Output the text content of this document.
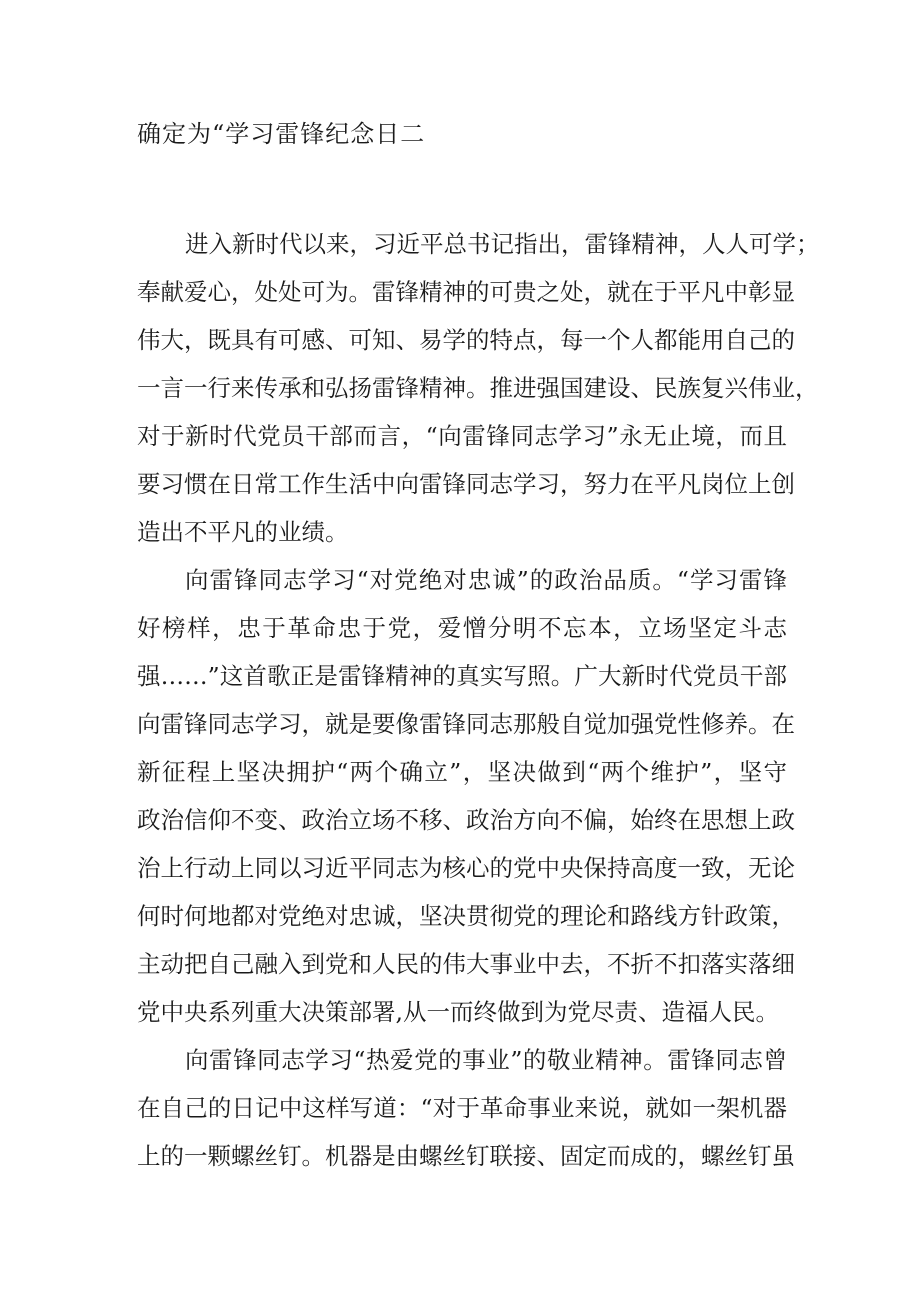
确定为“学习雷锋纪念日二
进入新时代以来，习近平总书记指出，雷锋精神，人人可学；
奉献爱心，处处可为。雷锋精神的可贵之处，就在于平凡中彰显
伟大，既具有可感、可知、易学的特点，每一个人都能用自己的
一言一行来传承和弘扬雷锋精神。推进强国建设、民族复兴伟业，
对于新时代党员干部而言，“向雷锋同志学习”永无止境，而且
要习惯在日常工作生活中向雷锋同志学习，努力在平凡岗位上创
造出不平凡的业绩。
向雷锋同志学习“对党绝对忠诚”的政治品质。“学习雷锋
好榜样，忠于革命忠于党，爱憎分明不忘本，立场坚定斗志
强……”这首歌正是雷锋精神的真实写照。广大新时代党员干部
向雷锋同志学习，就是要像雷锋同志那般自觉加强党性修养。在
新征程上坚决拥护“两个确立”，坚决做到“两个维护”，坚守
政治信仰不变、政治立场不移、政治方向不偏，始终在思想上政
治上行动上同以习近平同志为核心的党中央保持高度一致，无论
何时何地都对党绝对忠诚，坚决贯彻党的理论和路线方针政策，
主动把自己融入到党和人民的伟大事业中去，不折不扣落实落细
党中央系列重大决策部署,从一而终做到为党尽责、造福人民。
向雷锋同志学习“热爱党的事业”的敬业精神。雷锋同志曾
在自己的日记中这样写道：“对于革命事业来说，就如一架机器
上的一颗螺丝钉。机器是由螺丝钉联接、固定而成的，螺丝钉虽
